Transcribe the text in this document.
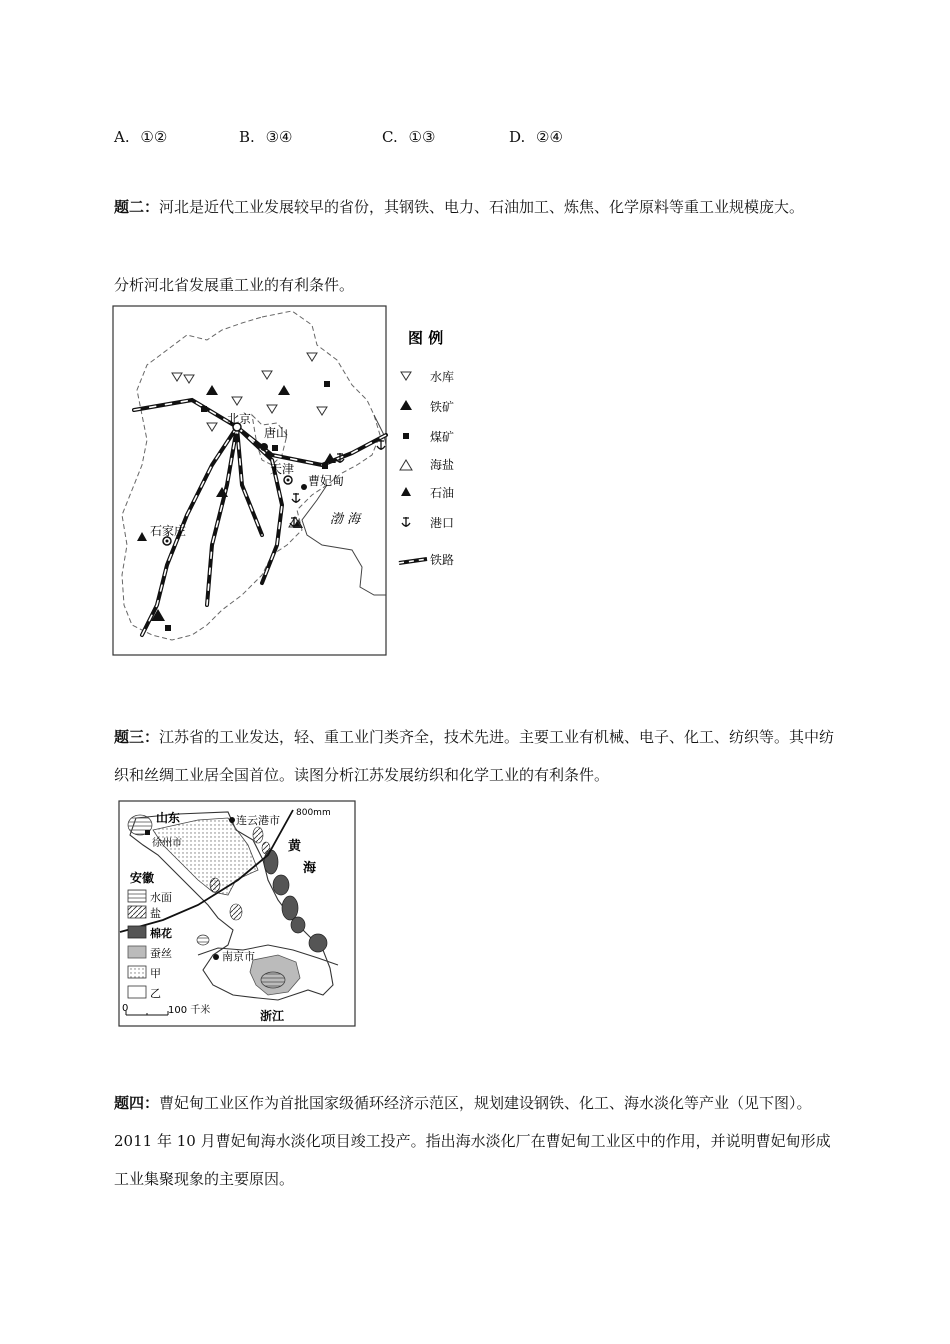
A. ①②	B. ③④	C. ①③	D. ②④
题二：河北是近代工业发展较早的省份，其钢铁、电力、石油加工、炼焦、化学原料等重工业规模庞大。
分析河北省发展重工业的有利条件。
北京
唐山
天津
曹妃甸
石家庄
渤 海
图 例
水库
铁矿
煤矿
海盐
石油
港口
铁路
题三：江苏省的工业发达，轻、重工业门类齐全，技术先进。主要工业有机械、电子、化工、纺织等。其中纺织和丝绸工业居全国首位。读图分析江苏发展纺织和化学工业的有利条件。
山东	连云港市
800mm
徐州市	黄
海
安徽
南京市
浙江
水面
盐
棉花
蚕丝
甲
乙
0	100 千米
题四：曹妃甸工业区作为首批国家级循环经济示范区，规划建设钢铁、化工、海水淡化等产业（见下图）。2011 年 10 月曹妃甸海水淡化项目竣工投产。指出海水淡化厂在曹妃甸工业区中的作用，并说明曹妃甸形成工业集聚现象的主要原因。
